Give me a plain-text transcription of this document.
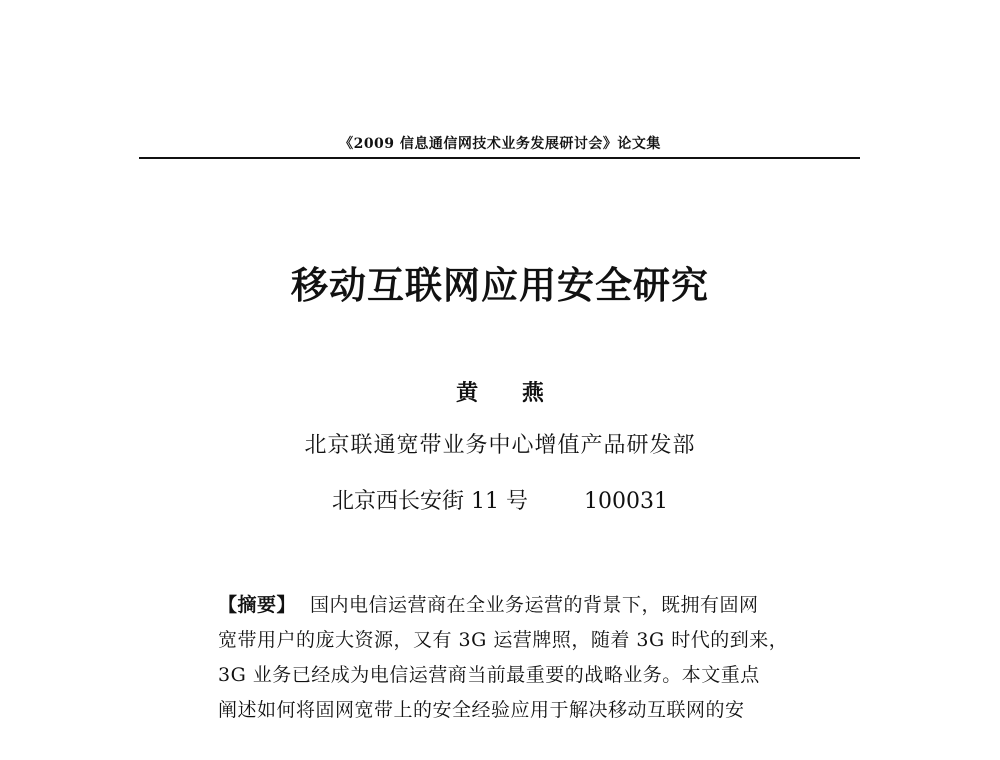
《2009 信息通信网技术业务发展研讨会》论文集
移动互联网应用安全研究
黄 燕
北京联通宽带业务中心增值产品研发部
北京西长安街 11 号	100031
【摘要】 国内电信运营商在全业务运营的背景下，既拥有固网
宽带用户的庞大资源，又有 3G 运营牌照，随着 3G 时代的到来，
3G 业务已经成为电信运营商当前最重要的战略业务。本文重点
阐述如何将固网宽带上的安全经验应用于解决移动互联网的安
